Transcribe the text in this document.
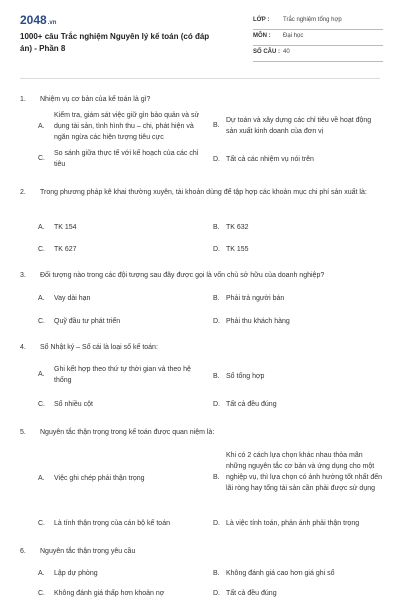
2048.vn
1000+ câu Trắc nghiệm Nguyên lý kế toán (có đáp án) - Phần 8
LỚP : Trắc nghiệm tổng hợp
MÔN : Đại học
SỐ CÂU : 40
1.	Nhiệm vụ cơ bản của kế toán là gì?
A.
Kiểm tra, giám sát việc giữ gìn bảo quản và sử dụng tài sản, tình hình thu – chi, phát hiện và ngăn ngừa các hiện tượng tiêu cực
B.
Dự toán và xây dựng các chỉ tiêu về hoạt động sản xuất kinh doanh của đơn vị
C.
So sánh giữa thực tế với kế hoạch của các chỉ tiêu
D. Tất cả các nhiệm vụ nói trên
2.	Trong phương pháp kê khai thường xuyên, tài khoản dùng để tập hợp các khoản mục chi phí sản xuất là:
A.	TK 154	B. TK 632
C.	TK 627	D. TK 155
3.	Đối tượng nào trong các đội tượng sau đây được gọi là vốn chủ sở hữu của doanh nghiệp?
A.	Vay dài hạn	B. Phải trả người bán
C.	Quỹ đầu tư phát triển	D. Phải thu khách hàng
4.	Sổ Nhật ký – Sổ cái là loại sổ kế toán:
A.
Ghi kết hợp theo thứ tự thời gian và theo hệ thống
B. Sổ tổng hợp
C.	Sổ nhiều cột	D. Tất cả đều đúng
5.	Nguyên tắc thận trọng trong kế toán được quan niệm là:
A.	Việc ghi chép phải thận trọng	B.
Khi có 2 cách lựa chọn khác nhau thỏa mãn những nguyên tắc cơ bản và ứng dụng cho một nghiệp vụ, thì lựa chọn có ảnh hưởng tốt nhất đến lãi ròng hay tổng tài sản cần phải được sử dụng
C.	Là tính thận trọng của cán bộ kế toán	D. Là việc tính toán, phản ánh phải thận trọng
6.	Nguyên tắc thận trọng yêu cầu
A.	Lập dự phòng	B. Không đánh giá cao hơn giá ghi sổ
C.	Không đánh giá thấp hơn khoản nợ	D. Tất cả đều đúng
